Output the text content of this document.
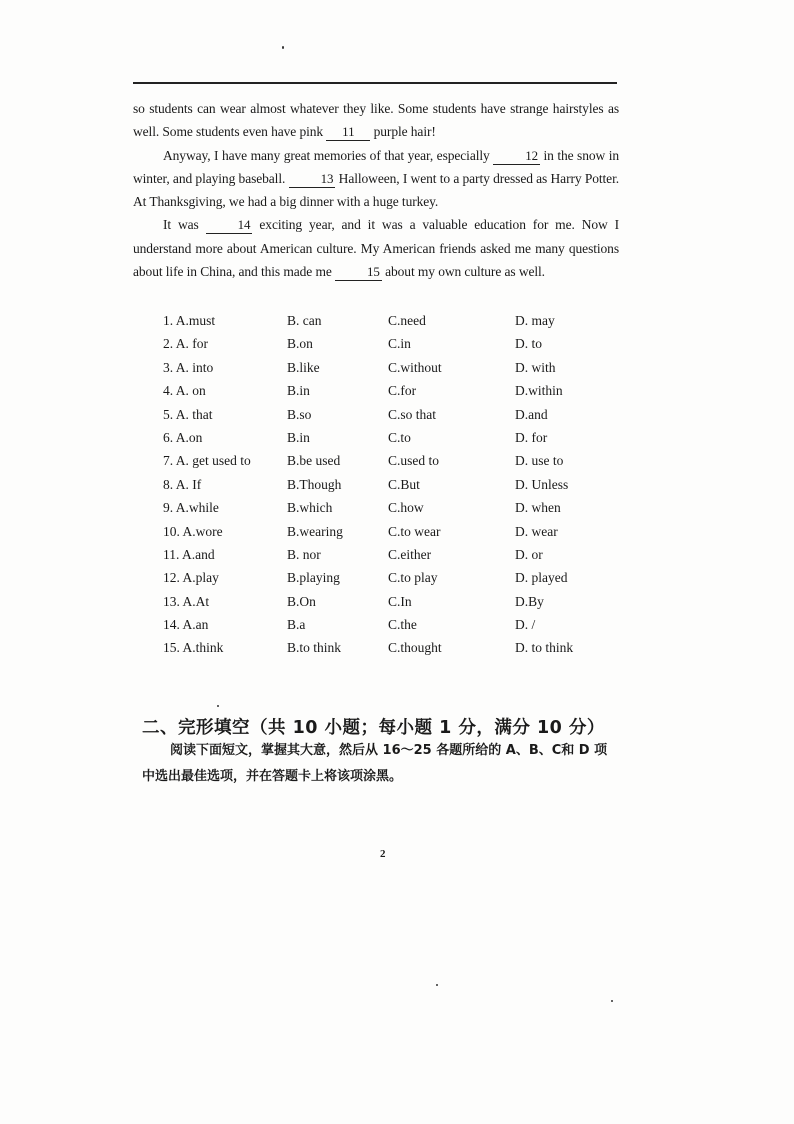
so students can wear almost whatever they like. Some students have strange hairstyles as well. Some students even have pink 11 purple hair!

Anyway, I have many great memories of that year, especially 12 in the snow in winter, and playing baseball. 13 Halloween, I went to a party dressed as Harry Potter. At Thanksgiving, we had a big dinner with a huge turkey.

It was 14 exciting year, and it was a valuable education for me. Now I understand more about American culture. My American friends asked me many questions about life in China, and this made me 15 about my own culture as well.

1. A.must	B. can	C.need	D. may
2. A. for	B.on	C.in	D. to
3. A. into	B.like	C.without	D. with
4. A. on	B.in	C.for	D.within
5. A. that	B.so	C.so that	D.and
6. A.on	B.in	C.to	D. for
7. A. get used to	B.be used	C.used to	D. use to
8. A. If	B.Though	C.But	D. Unless
9. A.while	B.which	C.how	D. when
10. A.wore	B.wearing	C.to wear	D. wear
11. A.and	B. nor	C.either	D. or
12. A.play	B.playing	C.to play	D. played
13. A.At	B.On	C.In	D.By
14. A.an	B.a	C.the	D. /
15. A.think	B.to think	C.thought	D. to think
二、完形填空（共 10 小题；每小题 1 分，满分 10 分）

阅读下面短文，掌握其大意，然后从 16～25 各题所给的 A、B、C和 D 项

中选出最佳选项，并在答题卡上将该项涂黑。

2
